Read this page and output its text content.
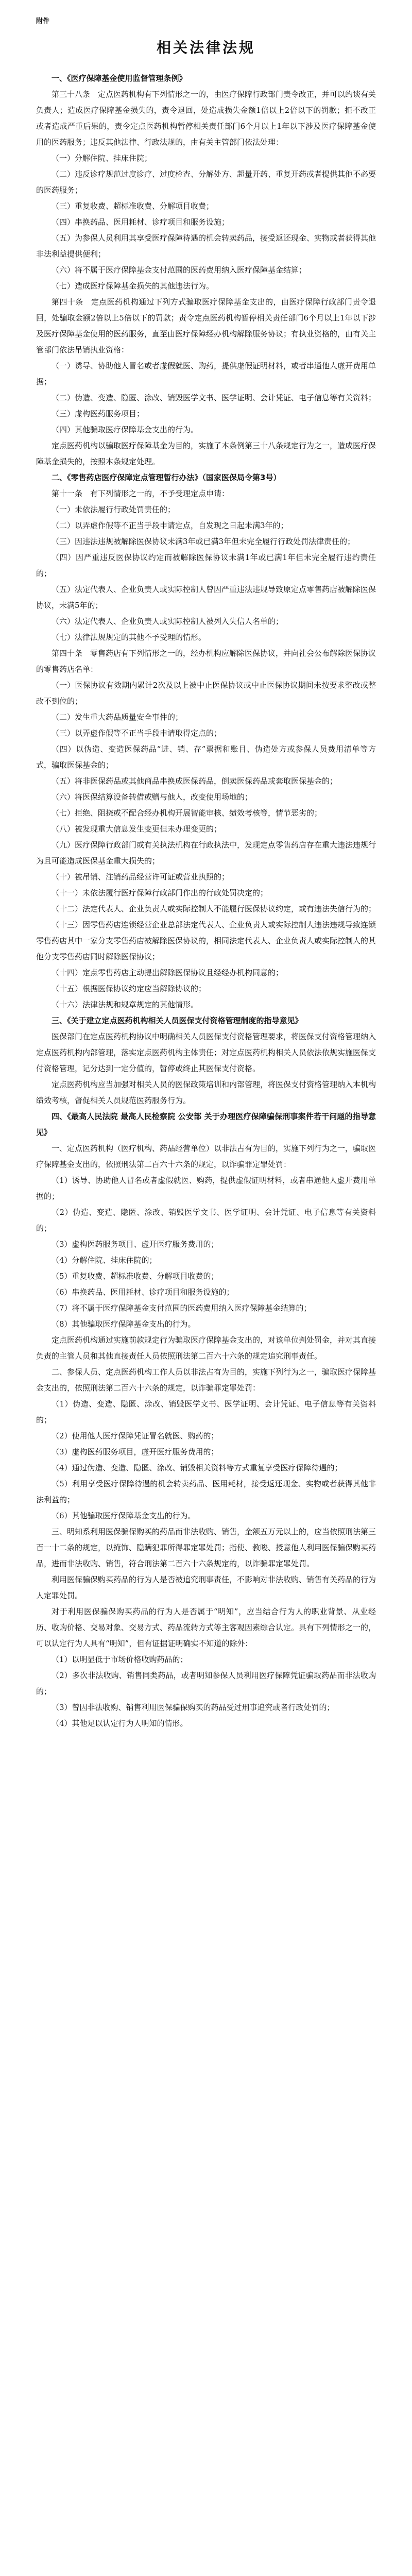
附件
相关法律法规

一、《医疗保障基金使用监督管理条例》

第三十八条　定点医药机构有下列情形之一的，由医疗保障行政部门责令改正，并可以约谈有关负责人；造成医疗保障基金损失的，责令退回，处造成损失金额1倍以上2倍以下的罚款；拒不改正或者造成严重后果的，责令定点医药机构暂停相关责任部门6个月以上1年以下涉及医疗保障基金使用的医药服务；违反其他法律、行政法规的，由有关主管部门依法处理：

（一）分解住院、挂床住院；

（二）违反诊疗规范过度诊疗、过度检查、分解处方、超量开药、重复开药或者提供其他不必要的医药服务；

（三）重复收费、超标准收费、分解项目收费；

（四）串换药品、医用耗材、诊疗项目和服务设施；

（五）为参保人员利用其享受医疗保障待遇的机会转卖药品，接受返还现金、实物或者获得其他非法利益提供便利；

（六）将不属于医疗保障基金支付范围的医药费用纳入医疗保障基金结算；

（七）造成医疗保障基金损失的其他违法行为。

第四十条　定点医药机构通过下列方式骗取医疗保障基金支出的，由医疗保障行政部门责令退回，处骗取金额2倍以上5倍以下的罚款；责令定点医药机构暂停相关责任部门6个月以上1年以下涉及医疗保障基金使用的医药服务，直至由医疗保障经办机构解除服务协议；有执业资格的，由有关主管部门依法吊销执业资格：

（一）诱导、协助他人冒名或者虚假就医、购药，提供虚假证明材料，或者串通他人虚开费用单据；

（二）伪造、变造、隐匿、涂改、销毁医学文书、医学证明、会计凭证、电子信息等有关资料；

（三）虚构医药服务项目；

（四）其他骗取医疗保障基金支出的行为。

定点医药机构以骗取医疗保障基金为目的，实施了本条例第三十八条规定行为之一，造成医疗保障基金损失的，按照本条规定处理。

二、《零售药店医疗保障定点管理暂行办法》（国家医保局令第3号）

第十一条　有下列情形之一的，不予受理定点申请：

（一）未依法履行行政处罚责任的；

（二）以弄虚作假等不正当手段申请定点，自发现之日起未满3年的；

（三）因违法违规被解除医保协议未满3年或已满3年但未完全履行行政处罚法律责任的；

（四）因严重违反医保协议约定而被解除医保协议未满1年或已满1年但未完全履行违约责任的；

（五）法定代表人、企业负责人或实际控制人曾因严重违法违规导致原定点零售药店被解除医保协议，未满5年的；

（六）法定代表人、企业负责人或实际控制人被列入失信人名单的；

（七）法律法规规定的其他不予受理的情形。

第四十条　零售药店有下列情形之一的，经办机构应解除医保协议，并向社会公布解除医保协议的零售药店名单：

（一）医保协议有效期内累计2次及以上被中止医保协议或中止医保协议期间未按要求整改或整改不到位的；

（二）发生重大药品质量安全事件的；

（三）以弄虚作假等不正当手段申请取得定点的；

（四）以伪造、变造医保药品“进、销、存”票据和账目、伪造处方或参保人员费用清单等方式，骗取医保基金的；

（五）将非医保药品或其他商品串换成医保药品，倒卖医保药品或套取医保基金的；

（六）将医保结算设备转借或赠与他人，改变使用场地的；

（七）拒绝、阻挠或不配合经办机构开展智能审核、绩效考核等，情节恶劣的；

（八）被发现重大信息发生变更但未办理变更的；

（九）医疗保障行政部门或有关执法机构在行政执法中，发现定点零售药店存在重大违法违规行为且可能造成医保基金重大损失的；

（十）被吊销、注销药品经营许可证或营业执照的；

（十一）未依法履行医疗保障行政部门作出的行政处罚决定的；

（十二）法定代表人、企业负责人或实际控制人不能履行医保协议约定，或有违法失信行为的；

（十三）因零售药店连锁经营企业总部法定代表人、企业负责人或实际控制人违法违规导致连锁零售药店其中一家分支零售药店被解除医保协议的，相同法定代表人、企业负责人或实际控制人的其他分支零售药店同时解除医保协议；

（十四）定点零售药店主动提出解除医保协议且经经办机构同意的；

（十五）根据医保协议约定应当解除协议的；

（十六）法律法规和规章规定的其他情形。

三、《关于建立定点医药机构相关人员医保支付资格管理制度的指导意见》

医保部门在定点医药机构协议中明确相关人员医保支付资格管理要求，将医保支付资格管理纳入定点医药机构内部管理，落实定点医药机构主体责任；对定点医药机构相关人员依法依规实施医保支付资格管理，记分达到一定分值的，暂停或终止其医保支付资格。

定点医药机构应当加强对相关人员的医保政策培训和内部管理，将医保支付资格管理纳入本机构绩效考核，督促相关人员规范医药服务行为。

四、《最高人民法院 最高人民检察院 公安部 关于办理医疗保障骗保刑事案件若干问题的指导意见》

一、定点医药机构（医疗机构、药品经营单位）以非法占有为目的，实施下列行为之一，骗取医疗保障基金支出的，依照刑法第二百六十六条的规定，以诈骗罪定罪处罚：

（1）诱导、协助他人冒名或者虚假就医、购药，提供虚假证明材料，或者串通他人虚开费用单据的；

（2）伪造、变造、隐匿、涂改、销毁医学文书、医学证明、会计凭证、电子信息等有关资料的；

（3）虚构医药服务项目、虚开医疗服务费用的；

（4）分解住院、挂床住院的；

（5）重复收费、超标准收费、分解项目收费的；

（6）串换药品、医用耗材、诊疗项目和服务设施的；

（7）将不属于医疗保障基金支付范围的医药费用纳入医疗保障基金结算的；

（8）其他骗取医疗保障基金支出的行为。

定点医药机构通过实施前款规定行为骗取医疗保障基金支出的，对该单位判处罚金，并对其直接负责的主管人员和其他直接责任人员依照刑法第二百六十六条的规定追究刑事责任。

二、参保人员、定点医药机构工作人员以非法占有为目的，实施下列行为之一，骗取医疗保障基金支出的，依照刑法第二百六十六条的规定，以诈骗罪定罪处罚：

（1）伪造、变造、隐匿、涂改、销毁医学文书、医学证明、会计凭证、电子信息等有关资料的；

（2）使用他人医疗保障凭证冒名就医、购药的；

（3）虚构医药服务项目，虚开医疗服务费用的；

（4）通过伪造、变造、隐匿、涂改、销毁相关资料等方式重复享受医疗保障待遇的；

（5）利用享受医疗保障待遇的机会转卖药品、医用耗材，接受返还现金、实物或者获得其他非法利益的；

（6）其他骗取医疗保障基金支出的行为。

三、明知系利用医保骗保购买的药品而非法收购、销售，金额五万元以上的，应当依照刑法第三百一十二条的规定，以掩饰、隐瞒犯罪所得罪定罪处罚；指使、教唆、授意他人利用医保骗保购买药品，进而非法收购、销售，符合刑法第二百六十六条规定的，以诈骗罪定罪处罚。

利用医保骗保购买药品的行为人是否被追究刑事责任，不影响对非法收购、销售有关药品的行为人定罪处罚。

对于利用医保骗保购买药品的行为人是否属于“明知”，应当结合行为人的职业背景、从业经历、收购价格、交易对象、交易方式、药品流转方式等主客观因素综合认定。具有下列情形之一的，可以认定行为人具有“明知”，但有证据证明确实不知道的除外：

（1）以明显低于市场价格收购药品的；

（2）多次非法收购、销售同类药品，或者明知参保人员利用医疗保障凭证骗取药品而非法收购的；

（3）曾因非法收购、销售利用医保骗保购买的药品受过刑事追究或者行政处罚的；

（4）其他足以认定行为人明知的情形。
